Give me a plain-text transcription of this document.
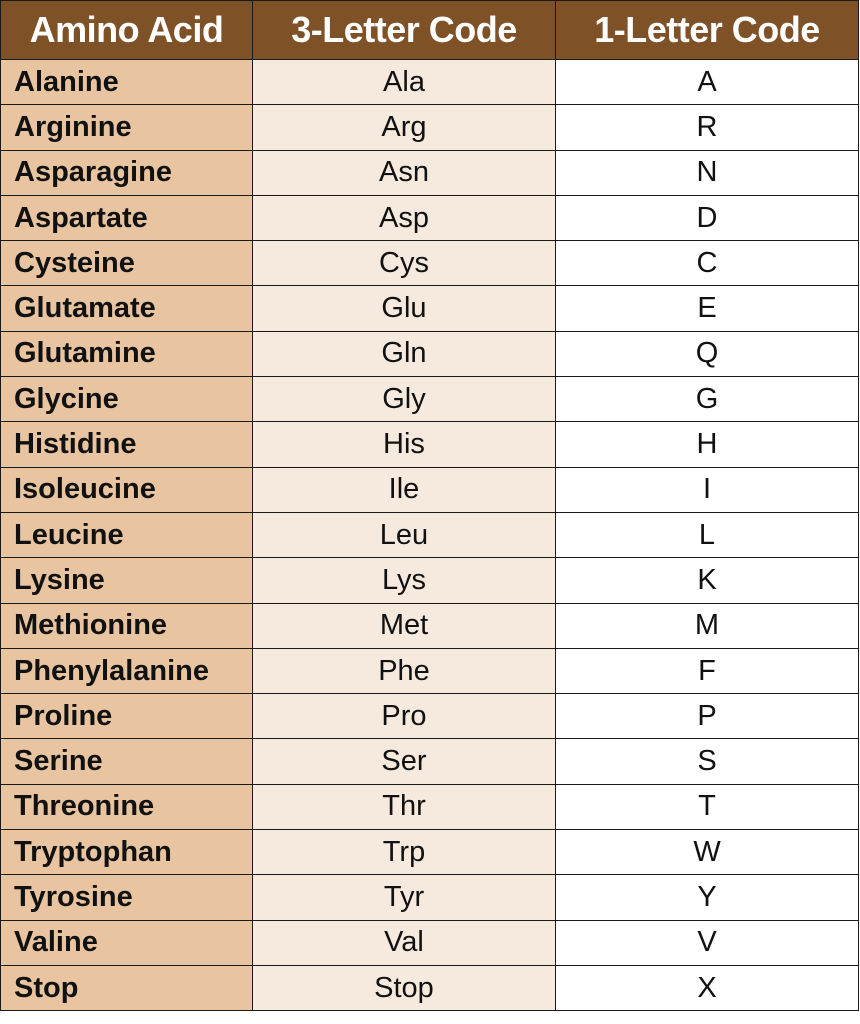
Amino Acid	3-Letter Code	1-Letter Code
Alanine	Ala	A
Arginine	Arg	R
Asparagine	Asn	N
Aspartate	Asp	D
Cysteine	Cys	C
Glutamate	Glu	E
Glutamine	Gln	Q
Glycine	Gly	G
Histidine	His	H
Isoleucine	Ile	I
Leucine	Leu	L
Lysine	Lys	K
Methionine	Met	M
Phenylalanine	Phe	F
Proline	Pro	P
Serine	Ser	S
Threonine	Thr	T
Tryptophan	Trp	W
Tyrosine	Tyr	Y
Valine	Val	V
Stop	Stop	X
